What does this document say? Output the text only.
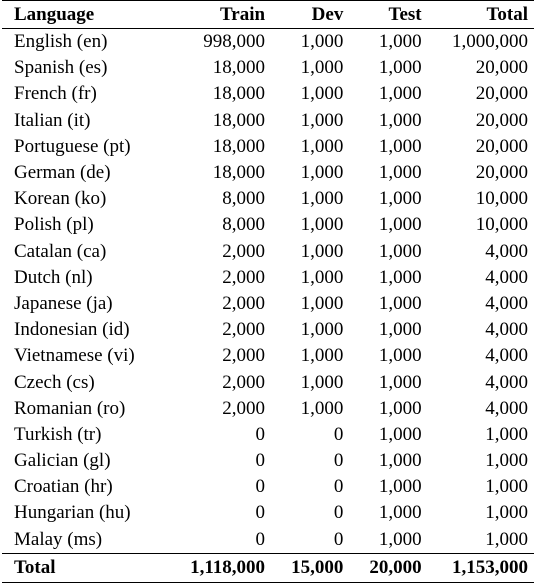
Language	Train	Dev	Test	Total
English (en)	998,000	1,000	1,000	1,000,000
Spanish (es)	18,000	1,000	1,000	20,000
French (fr)	18,000	1,000	1,000	20,000
Italian (it)	18,000	1,000	1,000	20,000
Portuguese (pt)	18,000	1,000	1,000	20,000
German (de)	18,000	1,000	1,000	20,000
Korean (ko)	8,000	1,000	1,000	10,000
Polish (pl)	8,000	1,000	1,000	10,000
Catalan (ca)	2,000	1,000	1,000	4,000
Dutch (nl)	2,000	1,000	1,000	4,000
Japanese (ja)	2,000	1,000	1,000	4,000
Indonesian (id)	2,000	1,000	1,000	4,000
Vietnamese (vi)	2,000	1,000	1,000	4,000
Czech (cs)	2,000	1,000	1,000	4,000
Romanian (ro)	2,000	1,000	1,000	4,000
Turkish (tr)	0	0	1,000	1,000
Galician (gl)	0	0	1,000	1,000
Croatian (hr)	0	0	1,000	1,000
Hungarian (hu)	0	0	1,000	1,000
Malay (ms)	0	0	1,000	1,000
Total	1,118,000	15,000	20,000	1,153,000
